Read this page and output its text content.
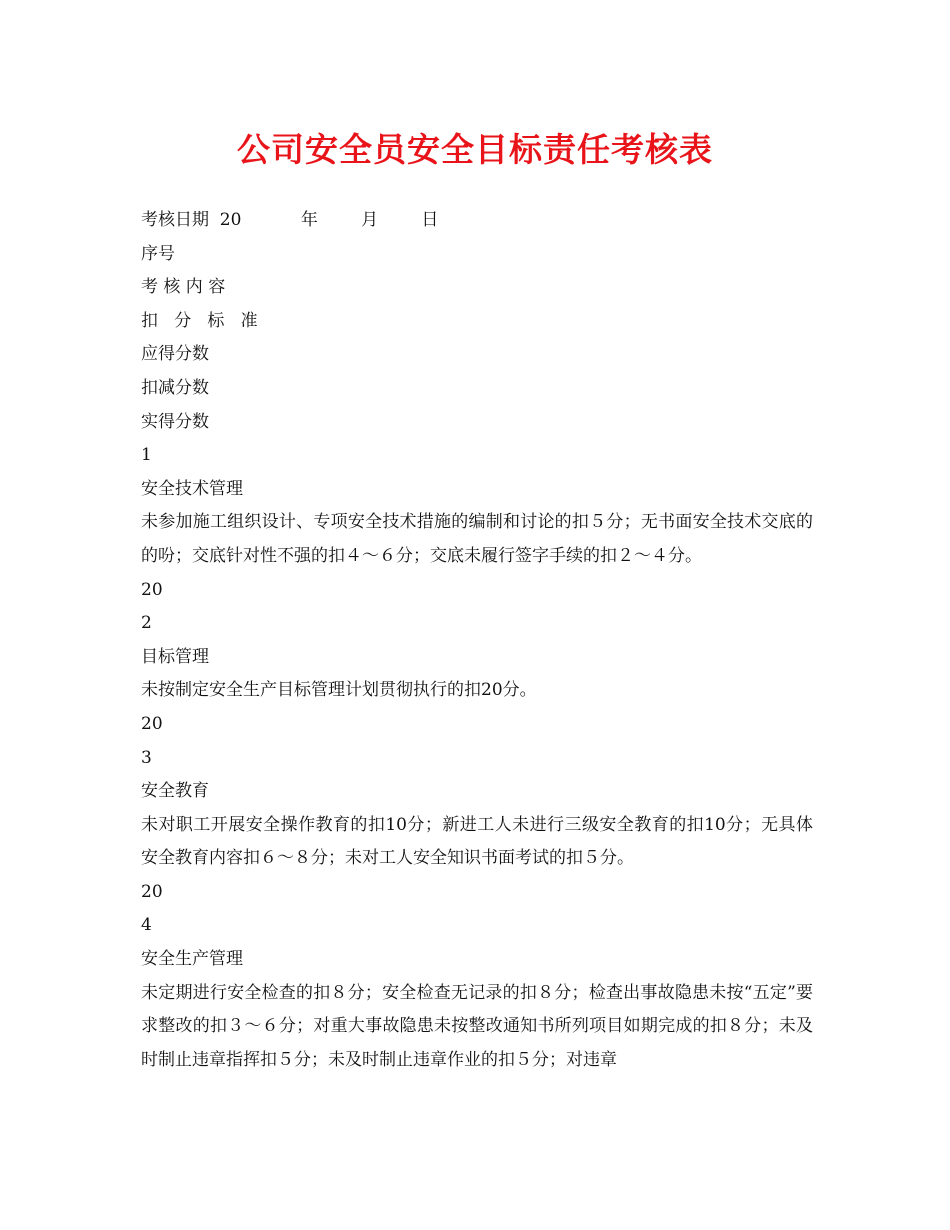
公司安全员安全目标责任考核表

考核日期  20           年        月        日

序号

考 核 内 容

扣   分   标   准

应得分数

扣减分数

实得分数

1

安全技术管理

未参加施工组织设计、专项安全技术措施的编制和讨论的扣５分；无书面安全技术交底的的吩；交底针对性不强的扣４～６分；交底未履行签字手续的扣２～４分。

20

2

目标管理

未按制定安全生产目标管理计划贯彻执行的扣20分。

20

3

安全教育

未对职工开展安全操作教育的扣10分；新进工人未进行三级安全教育的扣10分；无具体安全教育内容扣６～８分；未对工人安全知识书面考试的扣５分。

20

4

安全生产管理

未定期进行安全检查的扣８分；安全检查无记录的扣８分；检查出事故隐患未按“五定”要求整改的扣３～６分；对重大事故隐患未按整改通知书所列项目如期完成的扣８分；未及时制止违章指挥扣５分；未及时制止违章作业的扣５分；对违章
